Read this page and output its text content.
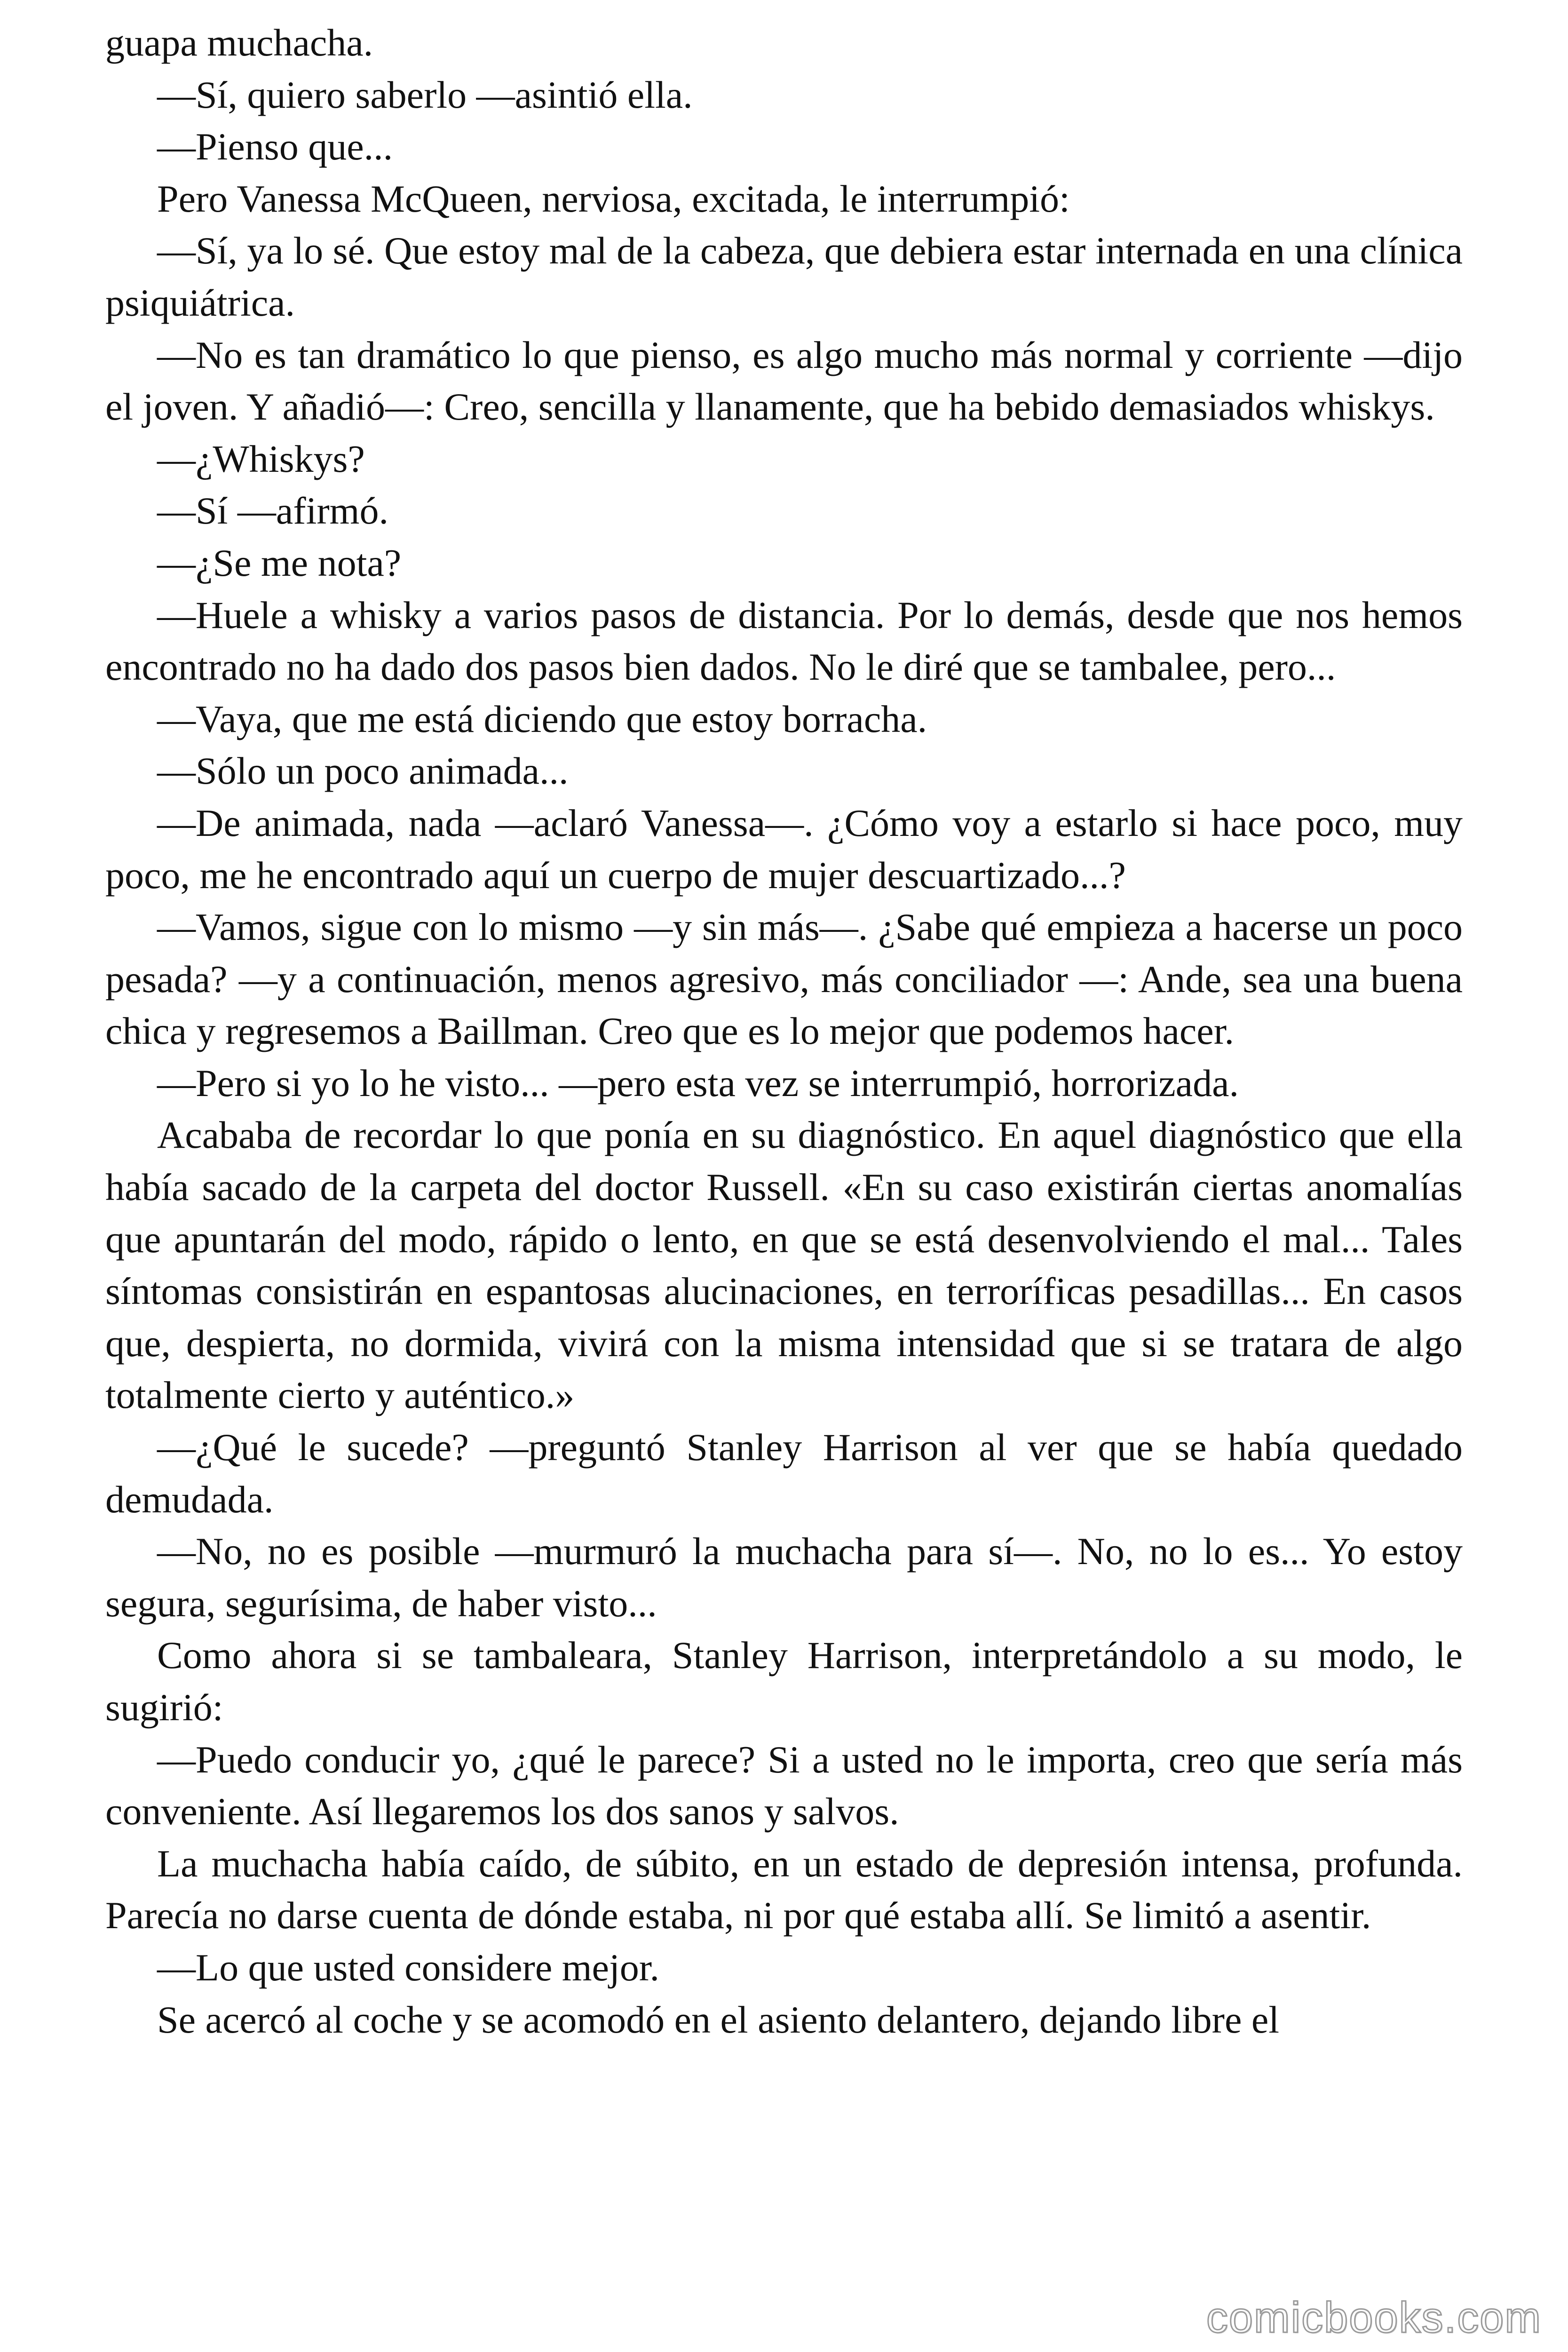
guapa muchacha.

—Sí, quiero saberlo —asintió ella.

—Pienso que...

Pero Vanessa McQueen, nerviosa, excitada, le interrumpió:

—Sí, ya lo sé. Que estoy mal de la cabeza, que debiera estar internada en una clínica psiquiátrica.

—No es tan dramático lo que pienso, es algo mucho más normal y corriente —dijo el joven. Y añadió—: Creo, sencilla y llanamente, que ha bebido demasiados whiskys.

—¿Whiskys?

—Sí —afirmó.

—¿Se me nota?

—Huele a whisky a varios pasos de distancia. Por lo demás, desde que nos hemos encontrado no ha dado dos pasos bien dados. No le diré que se tambalee, pero...

—Vaya, que me está diciendo que estoy borracha.

—Sólo un poco animada...

—De animada, nada —aclaró Vanessa—. ¿Cómo voy a estarlo si hace poco, muy poco, me he encontrado aquí un cuerpo de mujer descuartizado...?

—Vamos, sigue con lo mismo —y sin más—. ¿Sabe qué empieza a hacerse un poco pesada? —y a continuación, menos agresivo, más conciliador —: Ande, sea una buena chica y regresemos a Baillman. Creo que es lo mejor que podemos hacer.

—Pero si yo lo he visto... —pero esta vez se interrumpió, horrorizada.

Acababa de recordar lo que ponía en su diagnóstico. En aquel diagnóstico que ella había sacado de la carpeta del doctor Russell. «En su caso existirán ciertas anomalías que apuntarán del modo, rápido o lento, en que se está desenvolviendo el mal... Tales síntomas consistirán en espantosas alucinaciones, en terroríficas pesadillas... En casos que, despierta, no dormida, vivirá con la misma intensidad que si se tratara de algo totalmente cierto y auténtico.»

—¿Qué le sucede? —preguntó Stanley Harrison al ver que se había quedado demudada.

—No, no es posible —murmuró la muchacha para sí—. No, no lo es... Yo estoy segura, segurísima, de haber visto...

Como ahora si se tambaleara, Stanley Harrison, interpretándolo a su modo, le sugirió:

—Puedo conducir yo, ¿qué le parece? Si a usted no le importa, creo que sería más conveniente. Así llegaremos los dos sanos y salvos.

La muchacha había caído, de súbito, en un estado de depresión intensa, profunda. Parecía no darse cuenta de dónde estaba, ni por qué estaba allí. Se limitó a asentir.

—Lo que usted considere mejor.

Se acercó al coche y se acomodó en el asiento delantero, dejando libre el

comicbooks.com
